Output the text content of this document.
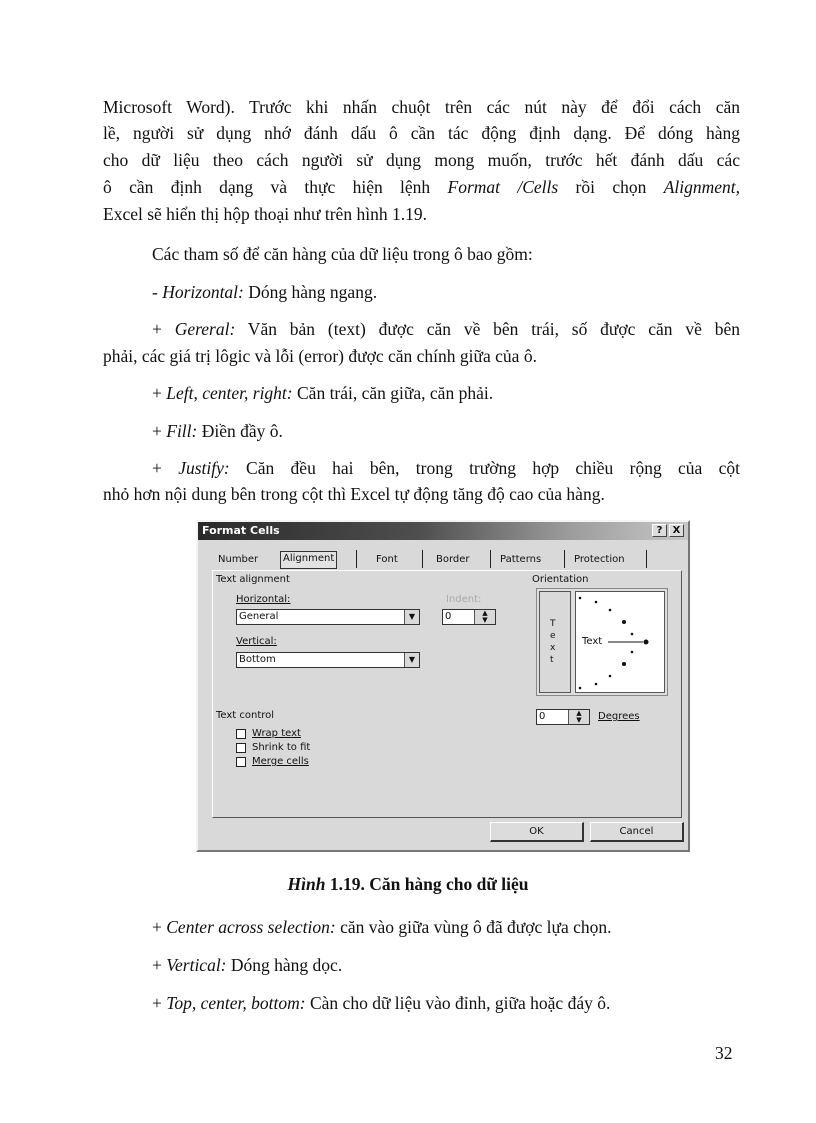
Microsoft Word). Trước khi nhấn chuột trên các nút này để đổi cách căn
lề, người sử dụng nhớ đánh dấu ô cần tác động định dạng. Để dóng hàng
cho dữ liệu theo cách người sử dụng mong muốn, trước hết đánh dấu các
ô cần định dạng và thực hiện lệnh Format /Cells rồi chọn Alignment,
Excel sẽ hiển thị hộp thoại như trên hình 1.19.
Các tham số để căn hàng của dữ liệu trong ô bao gồm:
- Horizontal: Dóng hàng ngang.
+ Gereral: Văn bản (text) được căn về bên trái, số được căn về bên
phải, các giá trị lôgic và lỗi (error) được căn chính giữa của ô.
+ Left, center, right: Căn trái, căn giữa, căn phải.
+ Fill: Điền đầy ô.
+ Justify: Căn đều hai bên, trong trường hợp chiều rộng của cột
nhỏ hơn nội dung bên trong cột thì Excel tự động tăng độ cao của hàng.
Format Cells	?	X
Number	Alignment	Font	Border	Patterns	Protection
Text alignment
Horizontal:
General	▼
Indent:
0	▲
▼
Vertical:
Bottom	▼
Orientation
T e x t
Text
Text control
Wrap text
Shrink to fit
Merge cells
0	▲
▼	Degrees
OK	Cancel
Hình 1.19. Căn hàng cho dữ liệu
+ Center across selection: căn vào giữa vùng ô đã được lựa chọn.
+ Vertical: Dóng hàng dọc.
+ Top, center, bottom: Càn cho dữ liệu vào đỉnh, giữa hoặc đáy ô.
32
